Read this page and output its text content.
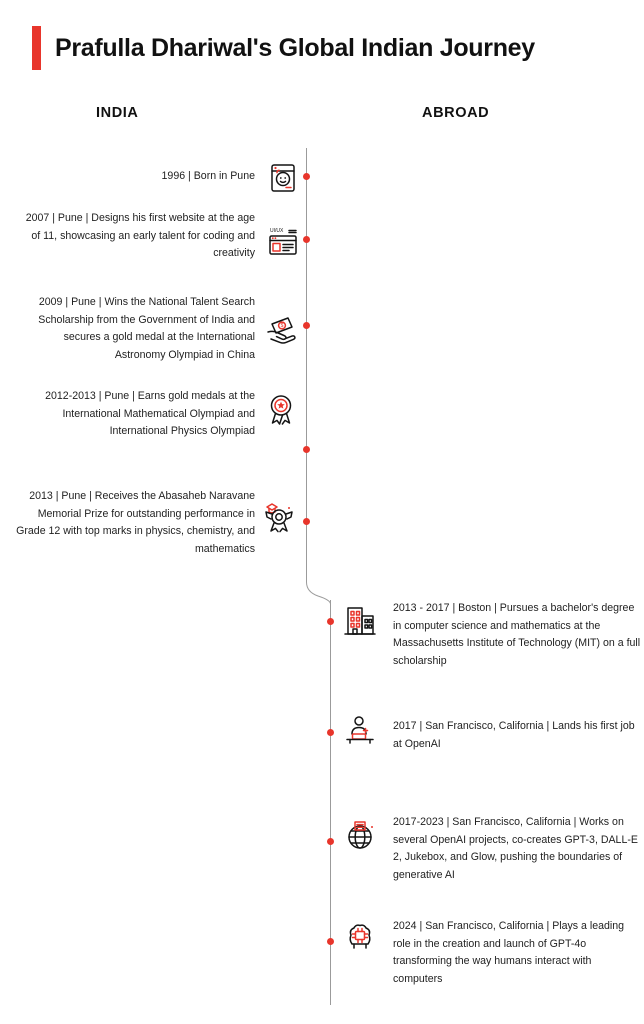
Prafulla Dhariwal's Global Indian Journey
INDIA	ABROAD
1996 | Born in Pune
2007 | Pune | Designs his first website at the age of 11, showcasing an early talent for coding and creativity
UI/UX
2009 | Pune | Wins the National Talent Search Scholarship from the Government of India and secures a gold medal at the International Astronomy Olympiad in China
$
2012-2013 | Pune | Earns gold medals at the International Mathematical Olympiad and International Physics Olympiad
2013 | Pune | Receives the Abasaheb Naravane Memorial Prize for outstanding performance in Grade 12 with top marks in physics, chemistry, and mathematics
2013 - 2017 | Boston | Pursues a bachelor's degree in computer science and mathematics at the Massachusetts Institute of Technology (MIT) on a full scholarship
2017 | San Francisco, California | Lands his first job at OpenAI
2017-2023 | San Francisco, California | Works on several OpenAI projects, co-creates GPT-3, DALL-E 2, Jukebox, and Glow, pushing the boundaries of generative AI
2024 | San Francisco, California | Plays a leading role in the creation and launch of GPT-4o transforming the way humans interact with computers
